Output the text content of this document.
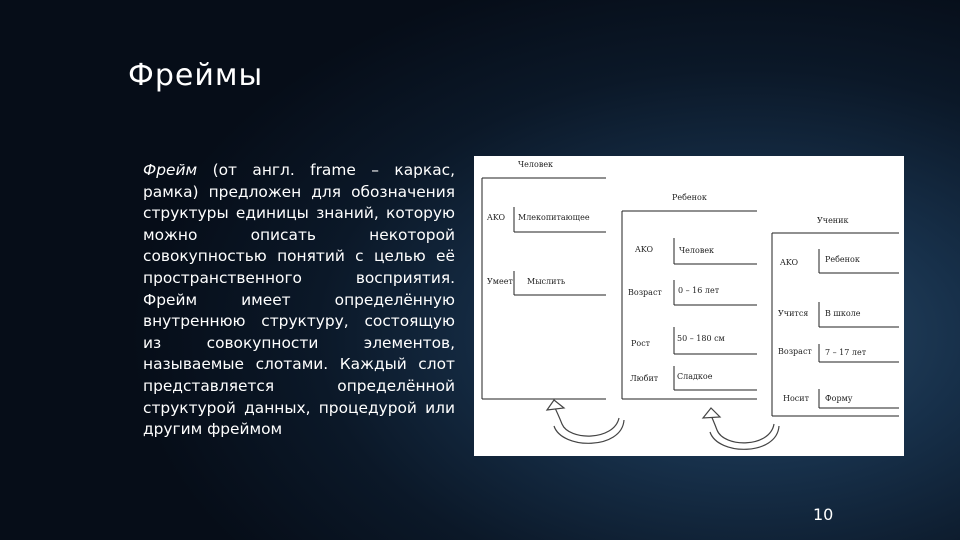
Фреймы
Фрейм (от англ. frame – каркас, рамка) предложен для обозначения структуры единицы знаний, которую можно описать некоторой совокупностью понятий с целью её пространственного восприятия. Фрейм имеет определённую внутреннюю структуру, состоящую из совокупности элементов, называемые слотами. Каждый слот представляется определённой структурой данных, процедурой или другим фреймом
Человек
AKO Млекопитающее
Умеет Мыслить
Ребенок
AKO	Человек
Возраст 0 – 16 лет
Рост
50 – 180 см
Любит Сладкое
Ученик
AKO	Ребенок
Учится В школе
Возраст 7 – 17 лет
Носит Форму
10
